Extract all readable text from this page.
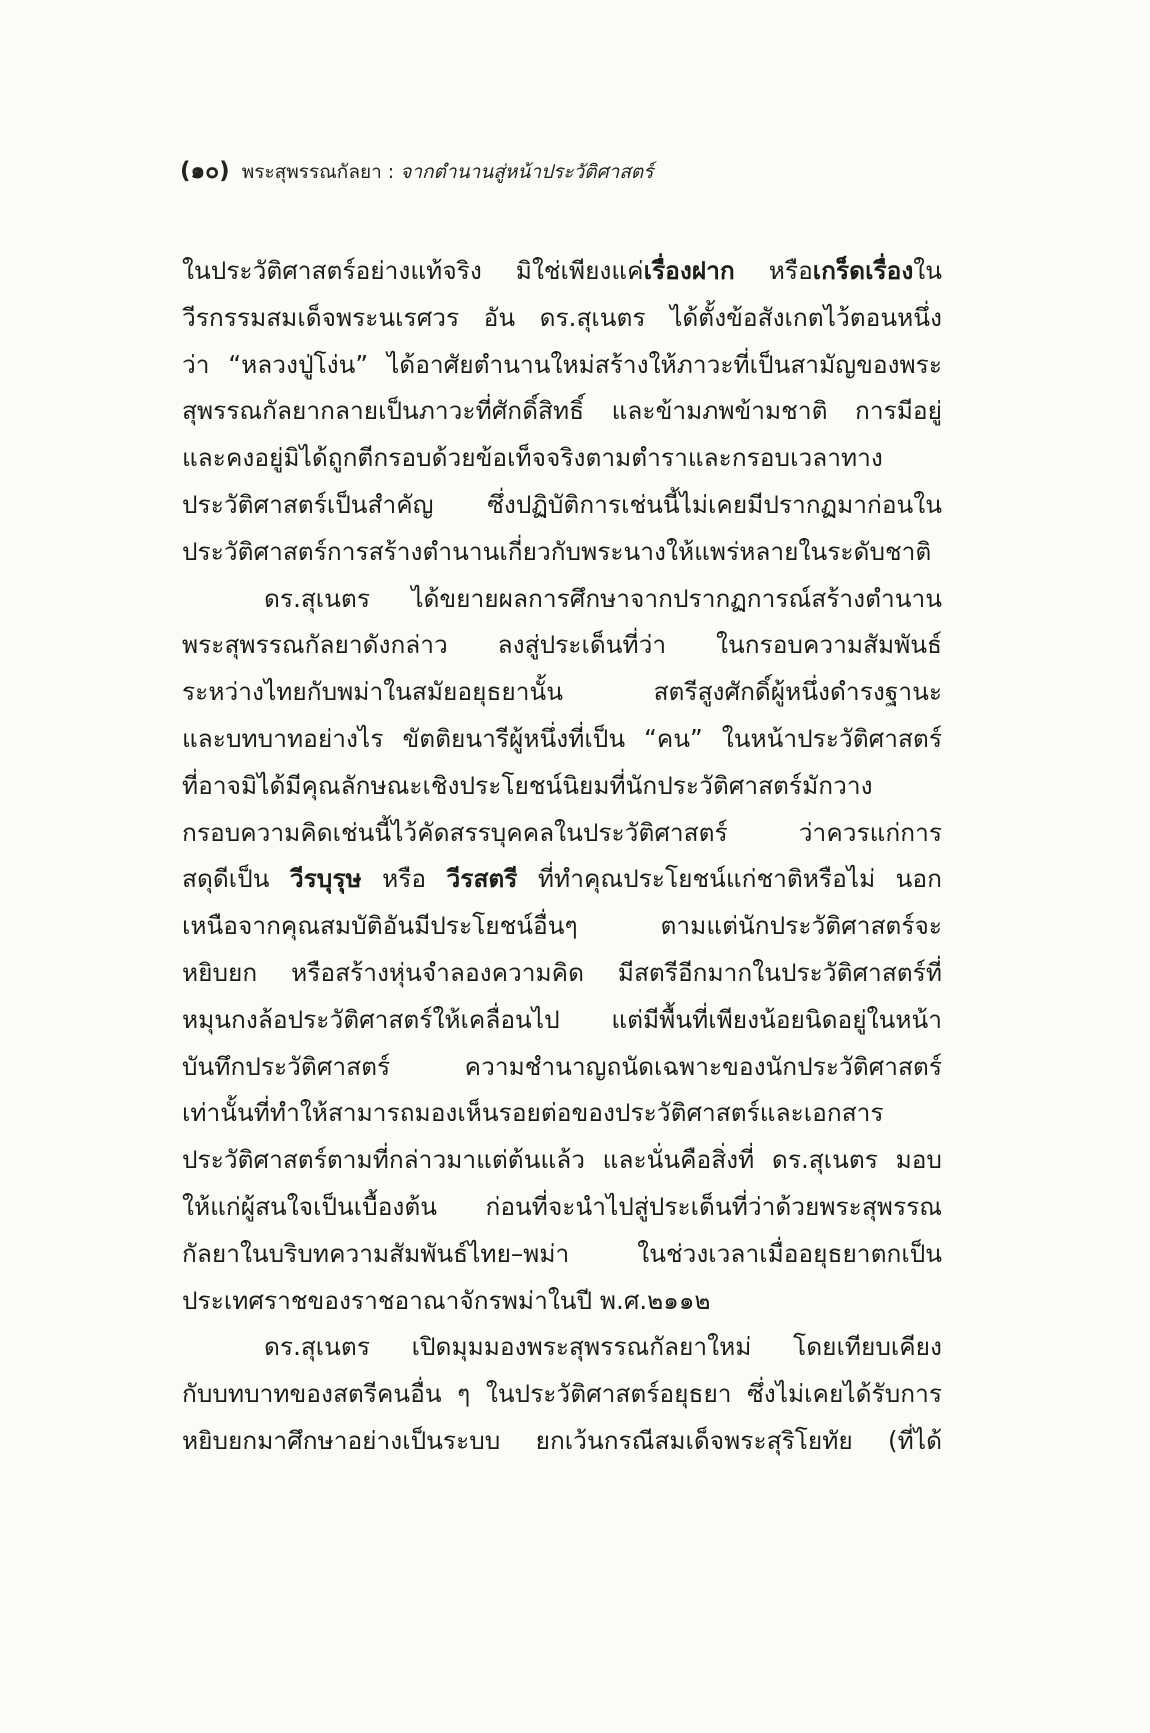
(๑๐) พระสุพรรณกัลยา : จากตำนานสู่หน้าประวัติศาสตร์
ในประวัติศาสตร์อย่างแท้จริง มิใช่เพียงแค่เรื่องฝาก หรือเกร็ดเรื่องใน
วีรกรรมสมเด็จพระนเรศวร อัน ดร.สุเนตร ได้ตั้งข้อสังเกตไว้ตอนหนึ่ง
ว่า “หลวงปู่โง่น” ได้อาศัยตำนานใหม่สร้างให้ภาวะที่เป็นสามัญของพระ
สุพรรณกัลยากลายเป็นภาวะที่ศักดิ์สิทธิ์ และข้ามภพข้ามชาติ การมีอยู่
และคงอยู่มิได้ถูกตีกรอบด้วยข้อเท็จจริงตามตำราและกรอบเวลาทาง
ประวัติศาสตร์เป็นสำคัญ ซึ่งปฏิบัติการเช่นนี้ไม่เคยมีปรากฏมาก่อนใน
ประวัติศาสตร์การสร้างตำนานเกี่ยวกับพระนางให้แพร่หลายในระดับชาติ
ดร.สุเนตร ได้ขยายผลการศึกษาจากปรากฏการณ์สร้างตำนาน
พระสุพรรณกัลยาดังกล่าว ลงสู่ประเด็นที่ว่า ในกรอบความสัมพันธ์
ระหว่างไทยกับพม่าในสมัยอยุธยานั้น สตรีสูงศักดิ์ผู้หนึ่งดำรงฐานะ
และบทบาทอย่างไร ขัตติยนารีผู้หนึ่งที่เป็น “คน” ในหน้าประวัติศาสตร์
ที่อาจมิได้มีคุณลักษณะเชิงประโยชน์นิยมที่นักประวัติศาสตร์มักวาง
กรอบความคิดเช่นนี้ไว้คัดสรรบุคคลในประวัติศาสตร์ ว่าควรแก่การ
สดุดีเป็น วีรบุรุษ หรือ วีรสตรี ที่ทำคุณประโยชน์แก่ชาติหรือไม่ นอก
เหนือจากคุณสมบัติอันมีประโยชน์อื่นๆ ตามแต่นักประวัติศาสตร์จะ
หยิบยก หรือสร้างหุ่นจำลองความคิด มีสตรีอีกมากในประวัติศาสตร์ที่
หมุนกงล้อประวัติศาสตร์ให้เคลื่อนไป แต่มีพื้นที่เพียงน้อยนิดอยู่ในหน้า
บันทึกประวัติศาสตร์ ความชำนาญถนัดเฉพาะของนักประวัติศาสตร์
เท่านั้นที่ทำให้สามารถมองเห็นรอยต่อของประวัติศาสตร์และเอกสาร
ประวัติศาสตร์ตามที่กล่าวมาแต่ต้นแล้ว และนั่นคือสิ่งที่ ดร.สุเนตร มอบ
ให้แก่ผู้สนใจเป็นเบื้องต้น ก่อนที่จะนำไปสู่ประเด็นที่ว่าด้วยพระสุพรรณ
กัลยาในบริบทความสัมพันธ์ไทย–พม่า ในช่วงเวลาเมื่ออยุธยาตกเป็น
ประเทศราชของราชอาณาจักรพม่าในปี พ.ศ.๒๑๑๒
ดร.สุเนตร เปิดมุมมองพระสุพรรณกัลยาใหม่ โดยเทียบเคียง
กับบทบาทของสตรีคนอื่น ๆ ในประวัติศาสตร์อยุธยา ซึ่งไม่เคยได้รับการ
หยิบยกมาศึกษาอย่างเป็นระบบ ยกเว้นกรณีสมเด็จพระสุริโยทัย (ที่ได้
